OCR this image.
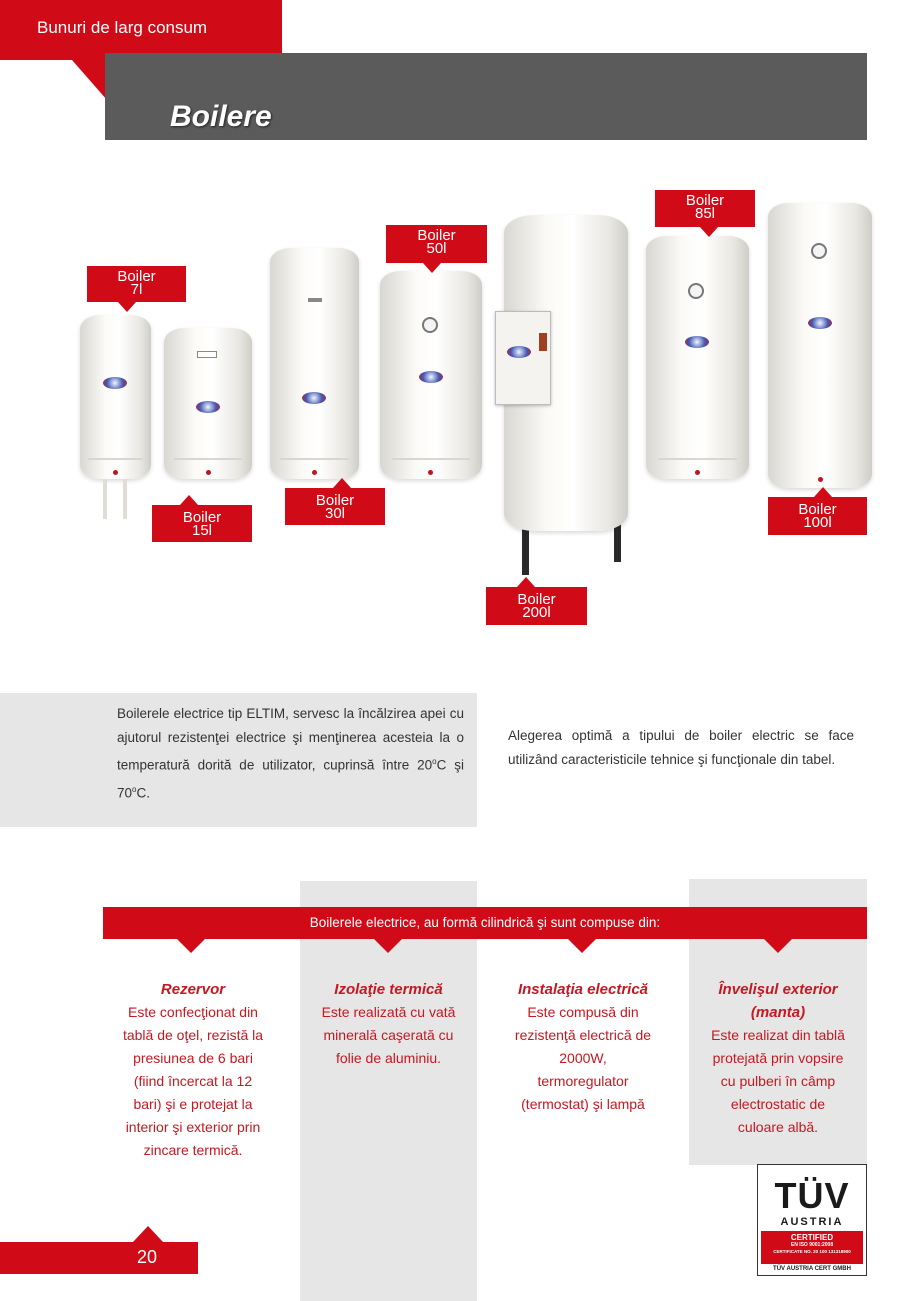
Bunuri de larg consum
Boilere
Boiler
7l
Boiler
15l
Boiler
30l
Boiler
50l
Boiler
200l
Boiler
85l
Boiler
100l

Boilerele electrice tip ELTIM, servesc la încălzirea apei cu ajutorul rezistenţei electrice şi menţinerea acesteia la o temperatură dorită de utilizator, cuprinsă între 20$^o$C şi 70$^o$C.

Alegerea optimă a tipului de boiler electric se face utilizând caracteristicile tehnice şi funcţionale din tabel.

Boilerele electrice, au formă cilindrică şi sunt compuse din:
Rezervor
Este confecţionat din
tablă de oţel, rezistă la
presiunea de 6 bari
(fiind încercat la 12
bari) şi e protejat la
interior şi exterior prin
zincare termică.
Izolaţie termică
Este realizată cu vată
minerală caşerată cu
folie de aluminiu.
Instalaţia electrică
Este compusă din
rezistenţă electrică de
2000W,
termoregulator
(termostat) şi lampă
Învelişul exterior
(manta)
Este realizat din tablă
protejată prin vopsire
cu pulberi în câmp
electrostatic de
culoare albă.
20
TÜV
AUSTRIA
CERTIFIED
EN ISO 9001:2008
CERTIFICATE NO. 20 100 131318900
TÜV AUSTRIA CERT GMBH
